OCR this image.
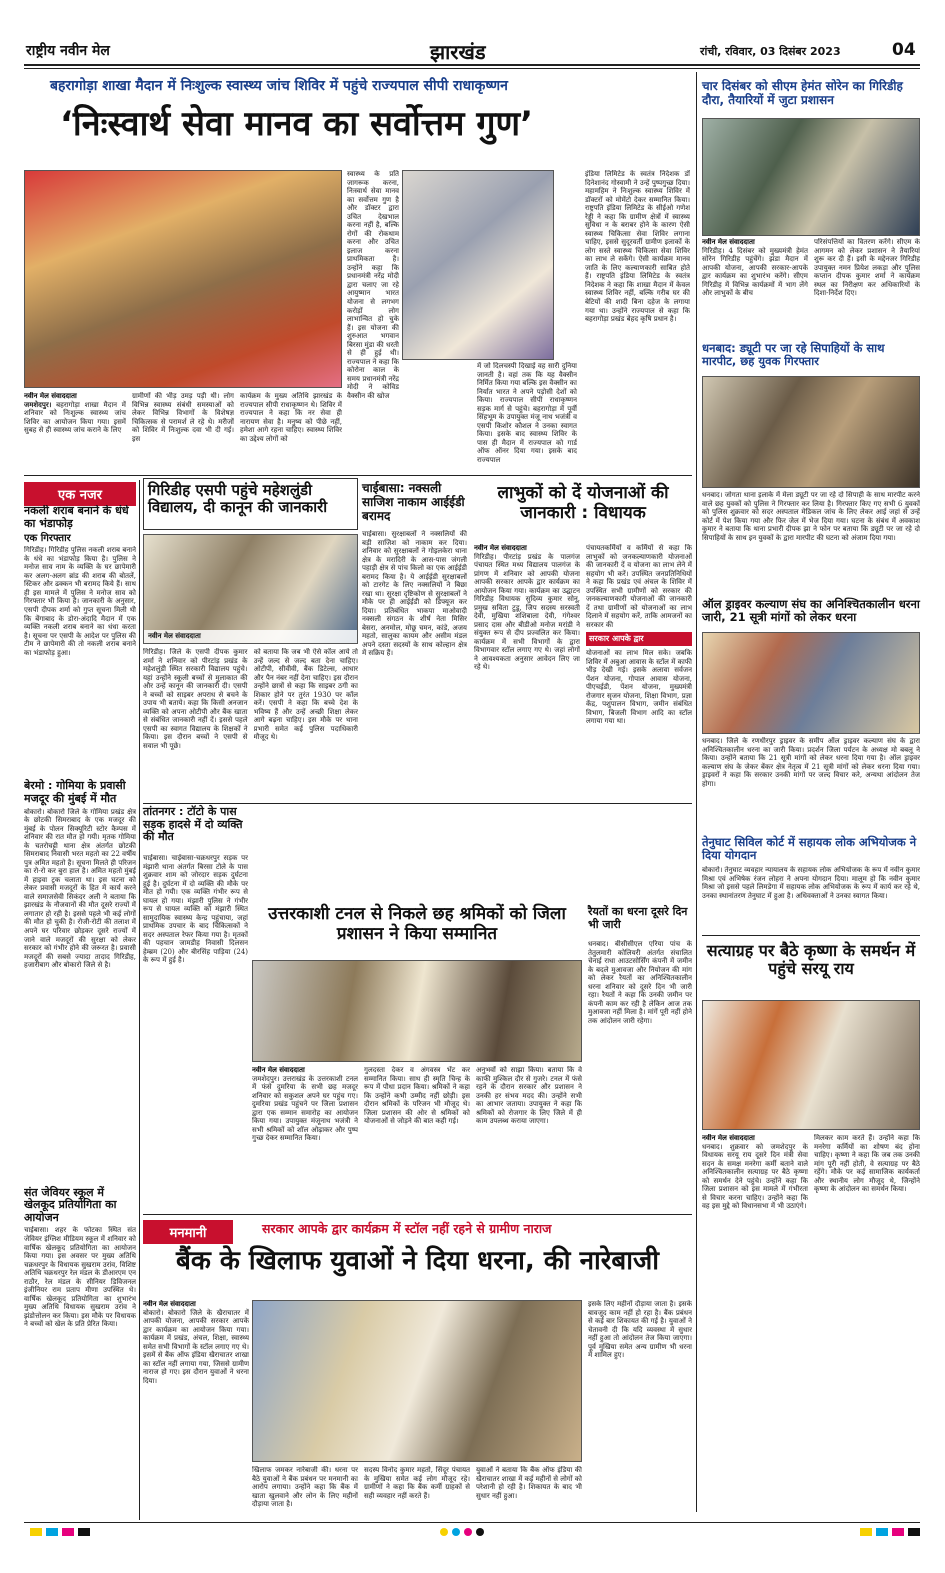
राष्ट्रीय नवीन मेल	झारखंड	रांची, रविवार, 03 दिसंबर 2023	04
बहरागोड़ा शाखा मैदान में निःशुल्क स्वास्थ्य जांच शिविर में पहुंचे राज्यपाल सीपी राधाकृष्णन
‘निःस्वार्थ सेवा मानव का सर्वोत्तम गुण’
नवीन मेल संवाददाता
जमशेदपुर। बहरागोड़ा शाखा मैदान में शनिवार को निःशुल्क स्वास्थ्य जांच शिविर का आयोजन किया गया। इसमें सुबह से ही स्वास्थ्य जांच कराने के लिए
ग्रामीणों की भीड़ उमड़ पड़ी थी। लोग विभिन्न स्वास्थ्य संबंधी समस्याओं को लेकर विभिन्न विभागों के विशेषज्ञ चिकित्सक से परामर्श ले रहे थे। मरीजों को शिविर में निःशुल्क दवा भी दी गई। इस
कार्यक्रम के मुख्य अतिथि झारखंड के राज्यपाल सीपी राधाकृष्णन थे। शिविर में राज्यपाल ने कहा कि नर सेवा ही नारायण सेवा है। मनुष्य को पीछे नहीं, हमेशा आगे रहना चाहिए। स्वास्थ्य शिविर का उद्देश्य लोगों को
स्वास्थ्य के प्रति जागरूक करना, निःस्वार्थ सेवा मानव का सर्वोत्तम गुण है और डॉक्टर द्वारा उचित देखभाल करना नहीं है, बल्कि रोगों की रोकथाम करना और उचित इलाज करना प्राथमिकता है। उन्होंने कहा कि प्रधानमंत्री नरेंद्र मोदी द्वारा चलाए जा रहे आयुष्मान भारत योजना से लगभग करोड़ों लोग लाभान्वित हो चुके हैं। इस योजना की शुरुआत भगवान बिरसा मुंडा की धरती से ही हुई थी। राज्यपाल ने कहा कि कोरोना काल के समय प्रधानमंत्री नरेंद्र मोदी ने कोविड वैक्सीन की खोज
में जो दिलचस्पी दिखाई वह सारी दुनिया जानती है। वहां तक कि यह वैक्सीन निर्मित किया गया बल्कि इस वैक्सीन का निर्यात भारत ने अपने पड़ोसी देशों को किया। राज्यपाल सीपी राधाकृष्णन सड़क मार्ग से पहुंचे। बहरागोड़ा में पूर्वी सिंहभूम के उपायुक्त मंजू नाथ भजंत्री व एसपी किशोर कौशल ने उनका स्वागत किया। इसके बाद स्वास्थ्य शिविर के पास ही मैदान में राज्यपाल को गार्ड ऑफ ऑनर दिया गया। इसके बाद राज्यपाल
इंडिया लिमिटेड के स्वतंत्र निदेशक डॉ दिनेशानंद गोस्वामी ने उन्हें पुष्पगुच्छ दिया। महामहिम ने निःशुल्क स्वास्थ्य शिविर में डॉक्टरों को मोमेंटो देकर सम्मानित किया। राष्ट्रपति इंडिया लिमिटेड के सीईओ गणेश रेड्डी ने कहा कि ग्रामीण क्षेत्रों में स्वास्थ्य सुविधा न के बराबर होने के कारण ऐसी स्वास्थ्य चिकित्सा सेवा शिविर लगाना चाहिए, इससे सुदूरवर्ती ग्रामीण इलाकों के लोग सस्ते स्वास्थ्य चिकित्सा सेवा शिविर का लाभ ले सकेंगे। ऐसी कार्यक्रम मानव जाति के लिए कल्याणकारी साबित होते हैं। राष्ट्रपति इंडिया लिमिटेड के स्वतंत्र निदेशक ने कहा कि शाखा मैदान में केवल स्वास्थ्य शिविर नहीं, बल्कि गरीब घर की बेटियों की शादी बिना दहेज के लगाया गया था। उन्होंने राज्यपाल से कहा कि बहरागोड़ा प्रखंड बेहद कृषि प्रधान है।
एक नजर
नकली शराब बनाने के धंधे का भंडाफोड़
एक गिरफ्तार
गिरिडीह। गिरिडीह पुलिस नकली शराब बनाने के धंधे का भंडाफोड़ किया है। पुलिस ने मनोज साव नाम के व्यक्ति के घर छापेमारी कर अलग-अलग ब्रांड की शराब की बोतलें, स्टिकर और ढक्कन भी बरामद किये हैं। साथ ही इस मामले में पुलिस ने मनोज साव को गिरफ्तार भी किया है। जानकारी के अनुसार, एसपी दीपक शर्मा को गुप्त सूचना मिली थी कि बेंगाबाद के डोरा-अंदादि मैदान में एक व्यक्ति नकली शराब बनाने का धंधा करता है। सूचना पर एसपी के आदेश पर पुलिस की टीम ने छापेमारी की तो नकली शराब बनाने का भंडाफोड़ हुआ।
बेरमो : गोमिया के प्रवासी मजदूर की मुंबई में मौत
बोकारो। बोकारो जिले के गोमिया प्रखंड क्षेत्र के छोटकी सिमराबाद के एक मजदूर की मुंबई के पोलन सिक्यूरिटी स्टोर कैम्पस में शनिवार की रात मौत हो गयी। मृतक गोमिया के चतरोचट्टी थाना क्षेत्र अंतर्गत छोटकी सिमराबाद निवासी भरत महतो का 22 वर्षीय पुत्र अमित महतो है। सूचना मिलते ही परिजन का रो-रो कर बुरा हाल है। अमित महतो मुंबई में हाइवा ट्रक चलाता था। इस घटना को लेकर प्रवासी मजदूरों के हित में कार्य करने वाले समाजसेवी सिकंदर अली ने बताया कि झारखंड के नौजवानों की मौत दूसरे राज्यों में लगातार हो रही है। इससे पहले भी कई लोगों की मौत हो चुकी है। रोजी-रोटी की तलाश में अपने घर परिवार छोड़कर दूसरे राज्यों में जाने वाले मजदूरों की सुरक्षा को लेकर सरकार को गंभीर होने की जरूरत है। प्रवासी मजदूरों की सबसे ज्यादा तादाद गिरिडीह, हजारीबाग और बोकारो जिले से है।
संत जेवियर स्कूल में खेलकूद प्रतियोगिता का आयोजन
चाईबासा। शहर के फोटका स्थित संत जेवियर इंग्लिश मीडियम स्कूल में शनिवार को वार्षिक खेलकूद प्रतियोगिता का आयोजन किया गया। इस अवसर पर मुख्य अतिथि चक्रधरपुर के विधायक सुखराम उरांव, विशिष्ट अतिथि चक्रधरपुर रेल मंडल के डीआरएम एन राठौर, रेल मंडल के सीनियर डिविजनल इंजीनियर राम प्रताप मीणा उपस्थित थे। वार्षिक खेलकूद प्रतियोगिता का शुभारंभ मुख्य अतिथि विधायक सुखराम उरांव ने झंडोत्तोलन कर किया। इस मौके पर विधायक ने बच्चों को खेल के प्रति प्रेरित किया।
गिरिडीह एसपी पहुंचे महेशलुंडी विद्यालय, दी कानून की जानकारी
नवीन मेल संवाददाता
गिरिडीह। जिले के एसपी दीपक कुमार शर्मा ने शनिवार को पीरटांड़ प्रखंड के महेशलुंडी स्थित सरकारी विद्यालय पहुंचे। यहां उन्होंने स्कूली बच्चों से मुलाकात की और उन्हें कानून की जानकारी दी। एसपी ने बच्चों को साइबर अपराध से बचने के उपाय भी बताये। कहा कि किसी अनजान व्यक्ति को अपना ओटीपी और बैंक खाता से संबंधित जानकारी नहीं दें। इससे पहले एसपी का स्वागत विद्यालय के शिक्षकों ने किया। इस दौरान बच्चों ने एसपी से सवाल भी पूछे।
को बताया कि जब भी ऐसे कॉल आये तो उन्हें जल्द से जल्द बता देना चाहिए। ओटीपी, सीवीवी, बैंक डिटेल्स, आधार और पैन नंबर नहीं देना चाहिए। इस दौरान उन्होंने छात्रों से कहा कि साइबर ठगी का शिकार होने पर तुरंत 1930 पर कॉल करें। एसपी ने कहा कि बच्चे देश के भविष्य हैं और उन्हें अच्छी शिक्षा लेकर आगे बढ़ना चाहिए। इस मौके पर थाना प्रभारी समेत कई पुलिस पदाधिकारी मौजूद थे।
चाईबासा: नक्सली साजिश नाकाम आईईडी बरामद
चाईबासा। सुरक्षाबलों ने नक्सलियों की बड़ी साजिश को नाकाम कर दिया। शनिवार को सुरक्षाबलों ने गोइलकेरा थाना क्षेत्र के मरादिरी के आस-पास जंगली पहाड़ी क्षेत्र से पांच किलो का एक आईईडी बरामद किया है। ये आईईडी सुरक्षाबलों को टारगेट के लिए नक्सलियों ने बिछा रखा था। सुरक्षा दृष्टिकोण से सुरक्षाबलों ने मौके पर ही आईईडी को डिफ्यूज कर दिया। प्रतिबंधित भाकपा माओवादी नक्सली संगठन के शीर्ष नेता मिसिर बेसरा, अनमोल, मोछू चमन, कांडे, अजय महतो, सालुका कायम और असीम मंडल अपने दस्ता सदस्यों के साथ कोल्हान क्षेत्र में सक्रिय हैं।
लाभुकों को दें योजनाओं की जानकारी : विधायक
नवीन मेल संवाददाता
गिरिडीह। पीरटांड़ प्रखंड के पालगंज पंचायत स्थित मध्य विद्यालय पालगंज के प्रांगण में शनिवार को आपकी योजना आपकी सरकार आपके द्वार कार्यक्रम का आयोजन किया गया। कार्यक्रम का उद्घाटन गिरिडीह विधायक सुदिव्य कुमार सोनू, प्रमुख सविता टुडू, जिप सदस्य सरस्वती देवी, मुखिया शशिबाला देवी, गंगेश्वर प्रसाद दास और बीडीओ मनोज मरांडी ने संयुक्त रूप से दीप प्रज्वलित कर किया। कार्यक्रम में सभी विभागों के द्वारा विभागवार स्टॉल लगाए गए थे। जहां लोगों ने आवश्यकता अनुसार आवेदन लिए जा रहे थे।
पंचायतकर्मियों व कर्मियों से कहा कि लाभुकों को जनकल्याणकारी योजनाओं की जानकारी दें व योजना का लाभ लेने में सहयोग भी करें। उपस्थित जनप्रतिनिधियों ने कहा कि प्रखंड एवं अंचल के शिविर में उपस्थित सभी ग्रामीणों को सरकार की जनकल्याणकारी योजनाओं की जानकारी दें तथा ग्रामीणों को योजनाओं का लाभ दिलाने में सहयोग करें, ताकि आमजनों का सरकार की
सरकार आपके द्वार
योजनाओं का लाभ मिल सके। जबकि शिविर में अबुआ आवास के स्टॉल में काफी भीड़ देखी गई। इसके अलावा सर्वजन पेंशन योजना, गोपाल आवास योजना, पीएचईडी, पेंशन योजना, मुख्यमंत्री रोजगार सृजन योजना, शिक्षा विभाग, प्रज्ञा केंद्र, पशुपालन विभाग, जमीन संबंधित विभाग, बिजली विभाग आदि का स्टॉल लगाया गया था।
तांतनगर : टॉटो के पास सड़क हादसे में दो व्यक्ति की मौत
चाईबासा। चाईबासा-चक्रधरपुर सड़क पर मंझारी थाना अंतर्गत बिरसा टोले के पास शुक्रवार शाम को जोरदार सड़क दुर्घटना हुई है। दुर्घटना में दो व्यक्ति की मौके पर मौत हो गयी। एक व्यक्ति गंभीर रूप से घायल हो गया। मंझारी पुलिस ने गंभीर रूप से घायल व्यक्ति को मंझारी स्थित सामुदायिक स्वास्थ्य केन्द्र पहुंचाया, जहां प्राथमिक उपचार के बाद चिकित्सकों ने सदर अस्पताल रेफर किया गया है। मृतकों की पहचान जामडीह निवासी दिलसन हेम्ब्रम (20) और बीरसिंह पाड़िया (24) के रूप में हुई है।
उत्तरकाशी टनल से निकले छह श्रमिकों को जिला प्रशासन ने किया सम्मानित
नवीन मेल संवाददाता
जमशेदपुर। उत्तराखंड के उत्तरकाशी टनल में फंसे दुमरिया के सभी छह मजदूर शनिवार को सकुशल अपने घर पहुंच गए। दुमरिया प्रखंड पहुंचने पर जिला प्रशासन द्वारा एक सम्मान समारोह का आयोजन किया गया। उपायुक्त मंजूनाथ भजंत्री ने सभी श्रमिकों को शॉल ओढ़ाकर और पुष्प गुच्छ देकर सम्मानित किया।
गुलदस्ता देकर व अंगवस्त्र भेंट कर सम्मानित किया। साथ ही स्मृति चिन्ह के रूप में पौधा प्रदान किया। श्रमिकों ने कहा कि उन्होंने कभी उम्मीद नहीं छोड़ी। इस दौरान श्रमिकों के परिजन भी मौजूद थे। जिला प्रशासन की ओर से श्रमिकों को योजनाओं से जोड़ने की बात कही गई।
अनुभवों को साझा किया। बताया कि वे काफी मुश्किल दौर से गुजरे। टनल में फंसे रहने के दौरान सरकार और प्रशासन ने उनकी हर संभव मदद की। उन्होंने सभी का आभार जताया। उपायुक्त ने कहा कि श्रमिकों को रोजगार के लिए जिले में ही काम उपलब्ध कराया जाएगा।
रैयतों का धरना दूसरे दिन भी जारी
धनबाद। बीसीसीएल एरिया पांच के तेतुलमारी कोलियरी अंतर्गत संचालित चेनाई राधा आउटसोर्सिंग कंपनी में जमीन के बदले मुआवजा और नियोजन की मांग को लेकर रैयतों का अनिश्चितकालीन धरना शनिवार को दूसरे दिन भी जारी रहा। रैयतों ने कहा कि उनकी जमीन पर कंपनी काम कर रही है लेकिन आज तक मुआवजा नहीं मिला है। मांगें पूरी नहीं होने तक आंदोलन जारी रहेगा।
मनमानी	सरकार आपके द्वार कार्यक्रम में स्टॉल नहीं रहने से ग्रामीण नाराज
बैंक के खिलाफ युवाओं ने दिया धरना, की नारेबाजी
नवीन मेल संवाददाता
बोकारो। बोकारो जिले के खैराचातर में आपकी योजना, आपकी सरकार आपके द्वार कार्यक्रम का आयोजन किया गया। कार्यक्रम में प्रखंड, अंचल, शिक्षा, स्वास्थ्य समेत सभी विभागों के स्टॉल लगाए गए थे। इसमें से बैंक ऑफ इंडिया खैराचातर शाखा का स्टॉल नहीं लगाया गया, जिससे ग्रामीण नाराज हो गए। इस दौरान युवाओं ने धरना दिया।
खिलाफ जमकर नारेबाजी की। धरना पर बैठे युवाओं ने बैंक प्रबंधन पर मनमानी का आरोप लगाया। उन्होंने कहा कि बैंक में खाता खुलवाने और लोन के लिए महीनों दौड़ाया जाता है।
सदस्य विनोद कुमार महतो, सिंदूर पंचायत के मुखिया समेत कई लोग मौजूद रहे। ग्रामीणों ने कहा कि बैंक कर्मी ग्राहकों से सही व्यवहार नहीं करते हैं।
युवाओं ने बताया कि बैंक ऑफ इंडिया की खैराचातर शाखा में कई महीनों से लोगों को परेशानी हो रही है। शिकायत के बाद भी सुधार नहीं हुआ।
इसके लिए महीनों दौड़ाया जाता है। इसके बावजूद काम नहीं हो रहा है। बैंक प्रबंधन से कई बार शिकायत की गई है। युवाओं ने चेतावनी दी कि यदि व्यवस्था में सुधार नहीं हुआ तो आंदोलन तेज किया जाएगा। पूर्व मुखिया समेत अन्य ग्रामीण भी धरना में शामिल हुए।
चार दिसंबर को सीएम हेमंत सोरेन का गिरिडीह दौरा, तैयारियों में जुटा प्रशासन
नवीन मेल संवाददाता
गिरिडीह। 4 दिसंबर को मुख्यमंत्री हेमंत सोरेन गिरिडीह पहुंचेंगे। झंडा मैदान में आपकी योजना, आपकी सरकार-आपके द्वार कार्यक्रम का शुभारंभ करेंगे। सीएम गिरिडीह में विभिन्न कार्यक्रमों में भाग लेंगे और लाभुकों के बीच
परिसंपत्तियों का वितरण करेंगे। सीएम के आगमन को लेकर प्रशासन ने तैयारियां शुरू कर दी हैं। इसी के मद्देनजर गिरिडीह उपायुक्त नमन प्रियेश लकड़ा और पुलिस कप्तान दीपक कुमार शर्मा ने कार्यक्रम स्थल का निरीक्षण कर अधिकारियों के दिशा-निर्देश दिए।
धनबाद: ड्यूटी पर जा रहे सिपाहियों के साथ मारपीट, छह युवक गिरफ्तार
धनबाद। जोगता थाना इलाके में मेला ड्यूटी पर जा रहे दो सिपाही के साथ मारपीट करने वाले छह युवकों को पुलिस ने गिरफ्तार कर लिया है। गिरफ्तार किए गए सभी 6 युवकों को पुलिस शुक्रवार को सदर अस्पताल मेडिकल जांच के लिए लेकर आई जहां से उन्हें कोर्ट में पेश किया गया और फिर जेल में भेज दिया गया। घटना के संबंध में अवकाश कुमार ने बताया कि थाना प्रभारी दीपक झा ने फोन पर बताया कि ड्यूटी पर जा रहे दो सिपाहियों के साथ इन युवकों के द्वारा मारपीट की घटना को अंजाम दिया गया।
ऑल ड्राइवर कल्याण संघ का अनिश्चितकालीन धरना जारी, 21 सूत्री मांगों को लेकर धरना
धनबाद। जिले के रणधीरपुर ड्राइवर के समीप ऑल ड्राइवर कल्याण संघ के द्वारा अनिश्चितकालीन धरना का जारी किया। प्रदर्शन जिला पर्यटन के अध्यक्ष मो बबलू ने किया। उन्होंने बताया कि 21 सूत्री मांगों को लेकर धरना दिया गया है। ऑल ड्राइवर कल्याण संघ के जेकर बेंकर क्षेत्र नेतृत्व में 21 सूत्री मांगों को लेकर धरना दिया गया। ड्राइवरों ने कहा कि सरकार उनकी मांगों पर जल्द विचार करे, अन्यथा आंदोलन तेज होगा।
तेनुघाट सिविल कोर्ट में सहायक लोक अभियोजक ने दिया योगदान
बोकारो। तेनुघाट व्यवहार न्यायालय के सहायक लोक अभियोजक के रूप में नवीन कुमार मिश्रा एवं अभिषेक रंजन लोहरा ने अपना योगदान दिया। मालूम हो कि नवीन कुमार मिश्रा जो इससे पहले लिमडेगा में सहायक लोक अभियोजक के रूप में कार्य कर रहे थे, उनका स्थानांतरण तेनुघाट में हुआ है। अधिवक्ताओं ने उनका स्वागत किया।
सत्याग्रह पर बैठे कृष्णा के समर्थन में पहुंचे सरयू राय
नवीन मेल संवाददाता
धनबाद। शुक्रवार को जमशेदपुर के विधायक सरयू राय दूसरे दिन मंत्री सेवा सदन के समक्ष मनरेगा कर्मी बताने वाले अनिश्चितकालीन सत्याग्रह पर बैठे कृष्णा को समर्थन देने पहुंचे। उन्होंने कहा कि जिला प्रशासन को इस मामले में गंभीरता से विचार करना चाहिए। उन्होंने कहा कि वह इस मुद्दे को विधानसभा में भी उठाएंगे।
मिलकर काम करते हैं। उन्होंने कहा कि मनरेगा कर्मियों का शोषण बंद होना चाहिए। कृष्णा ने कहा कि जब तक उनकी मांग पूरी नहीं होती, वे सत्याग्रह पर बैठे रहेंगे। मौके पर कई सामाजिक कार्यकर्ता और स्थानीय लोग मौजूद थे, जिन्होंने कृष्णा के आंदोलन का समर्थन किया।
